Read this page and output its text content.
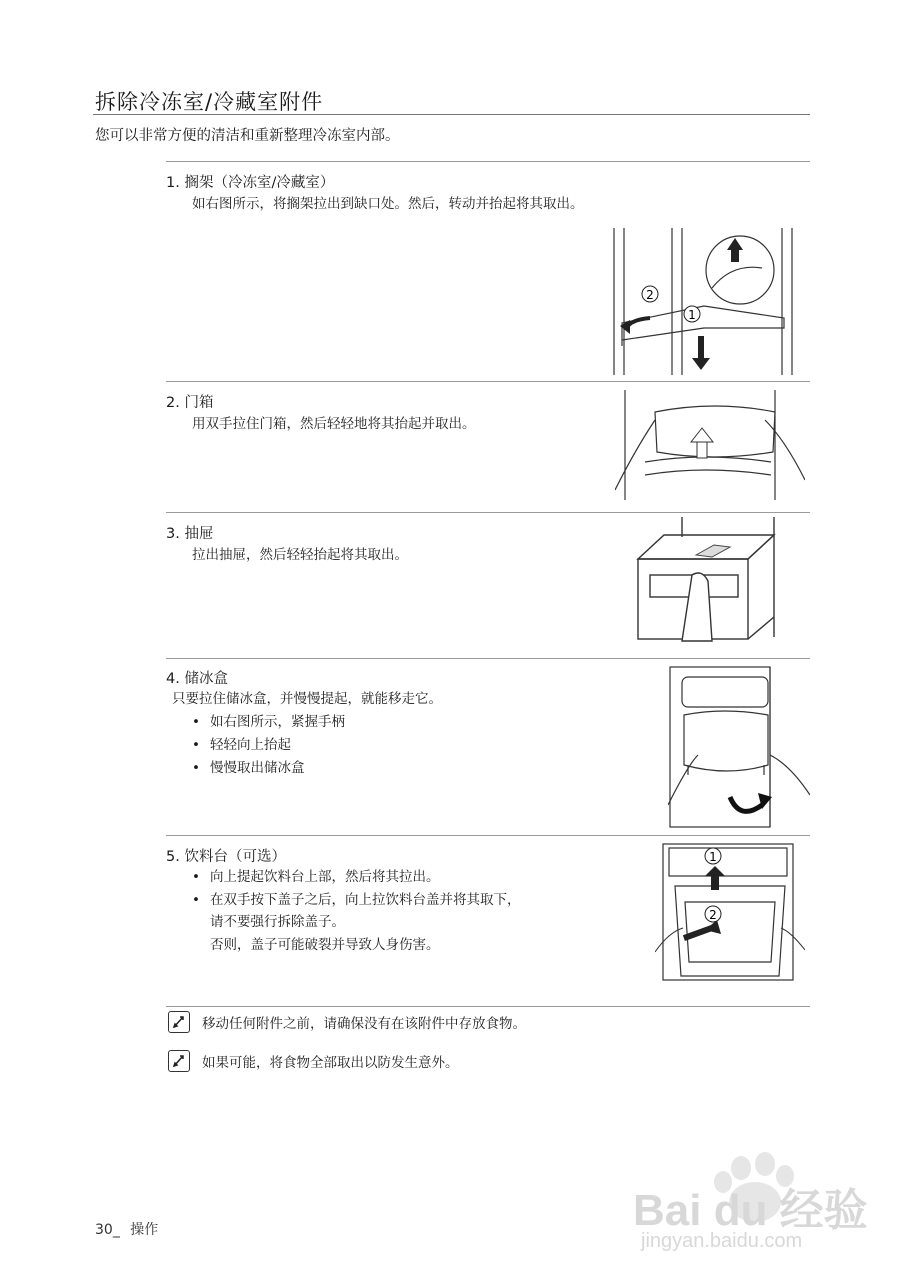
拆除冷冻室/冷藏室附件
您可以非常方便的清洁和重新整理冷冻室内部。
1. 搁架（冷冻室/冷藏室）
如右图所示，将搁架拉出到缺口处。然后，转动并抬起将其取出。
2
1
2. 门箱
用双手拉住门箱，然后轻轻地将其抬起并取出。
3. 抽屉
拉出抽屉，然后轻轻抬起将其取出。
4. 储冰盒
只要拉住储冰盒，并慢慢提起，就能移走它。
• 如右图所示，紧握手柄
• 轻轻向上抬起
• 慢慢取出储冰盒
5. 饮料台（可选）
• 向上提起饮料台上部，然后将其拉出。
• 在双手按下盖子之后，向上拉饮料台盖并将其取下，
请不要强行拆除盖子。
否则，盖子可能破裂并导致人身伤害。
1
2
移动任何附件之前，请确保没有在该附件中存放食物。
如果可能，将食物全部取出以防发生意外。
Bai du 经验
jingyan.baidu.com
30_ 操作
